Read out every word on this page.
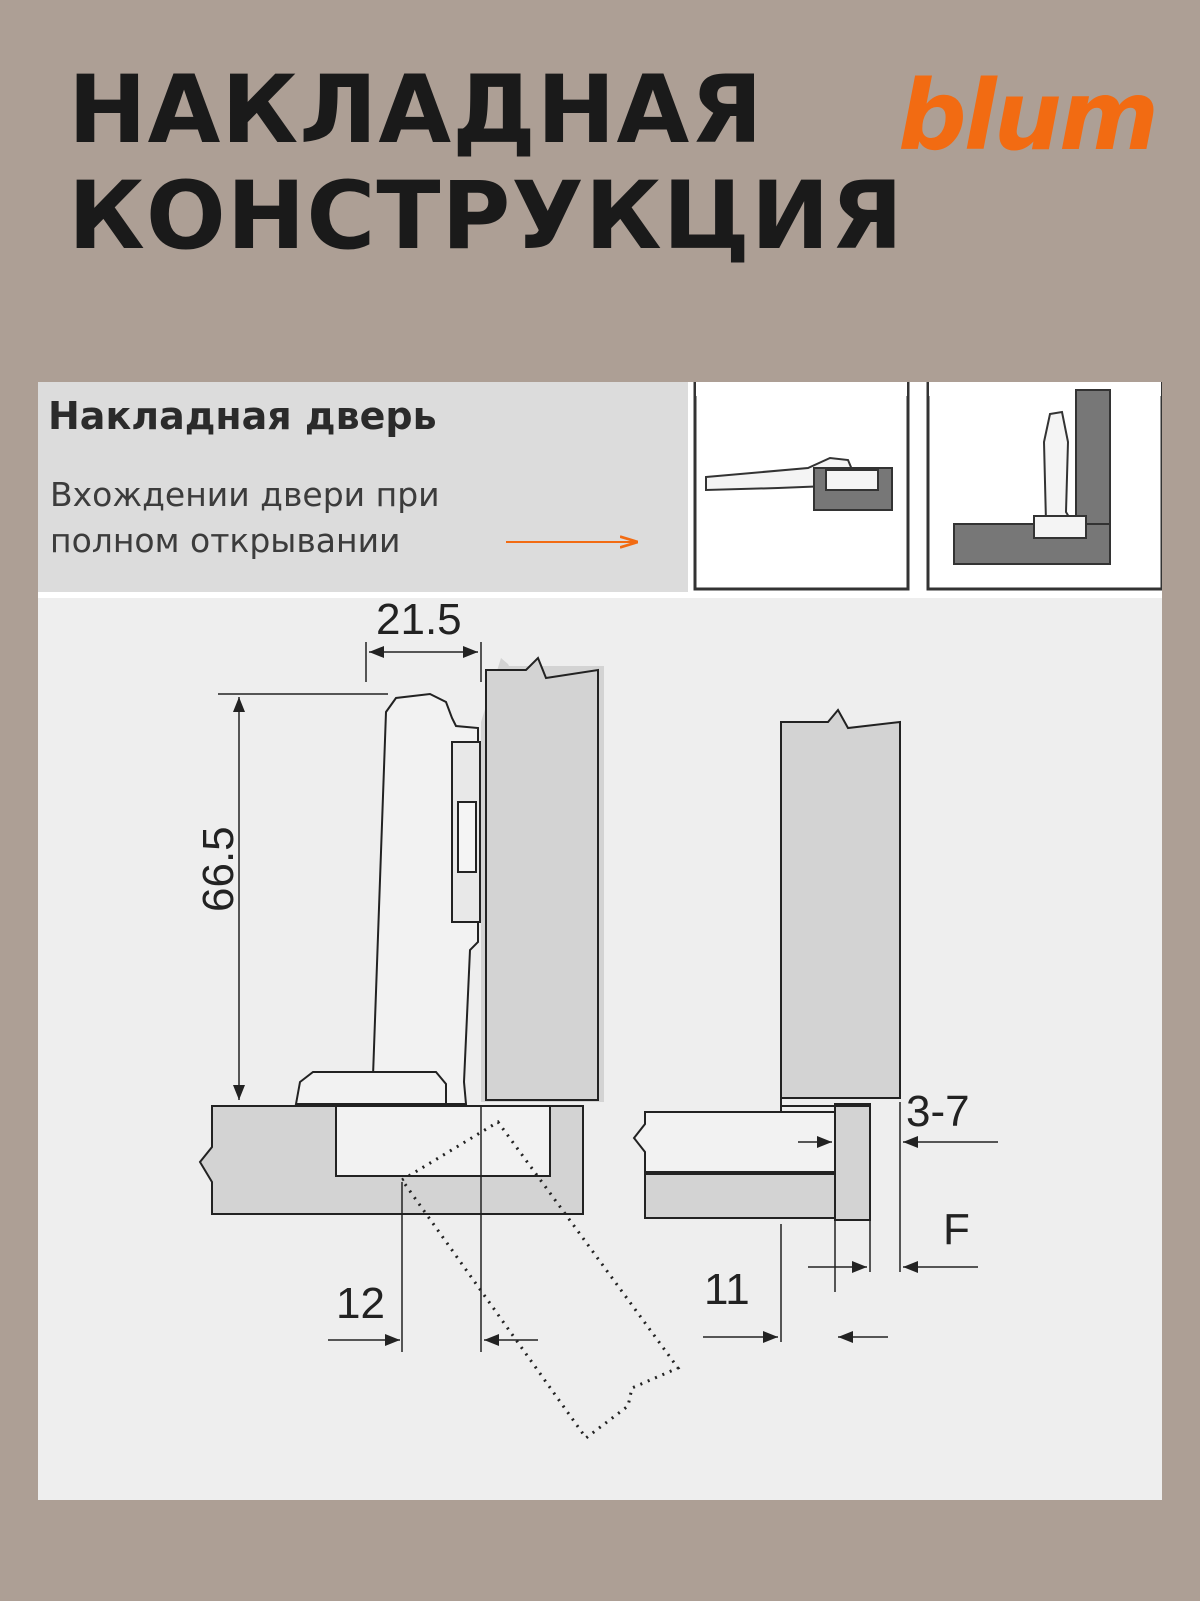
НАКЛАДНАЯ
КОНСТРУКЦИЯ
blum
Накладная дверь
Вхождении двери при
полном открывании
21.5
66.5
12	11
3-7
F
